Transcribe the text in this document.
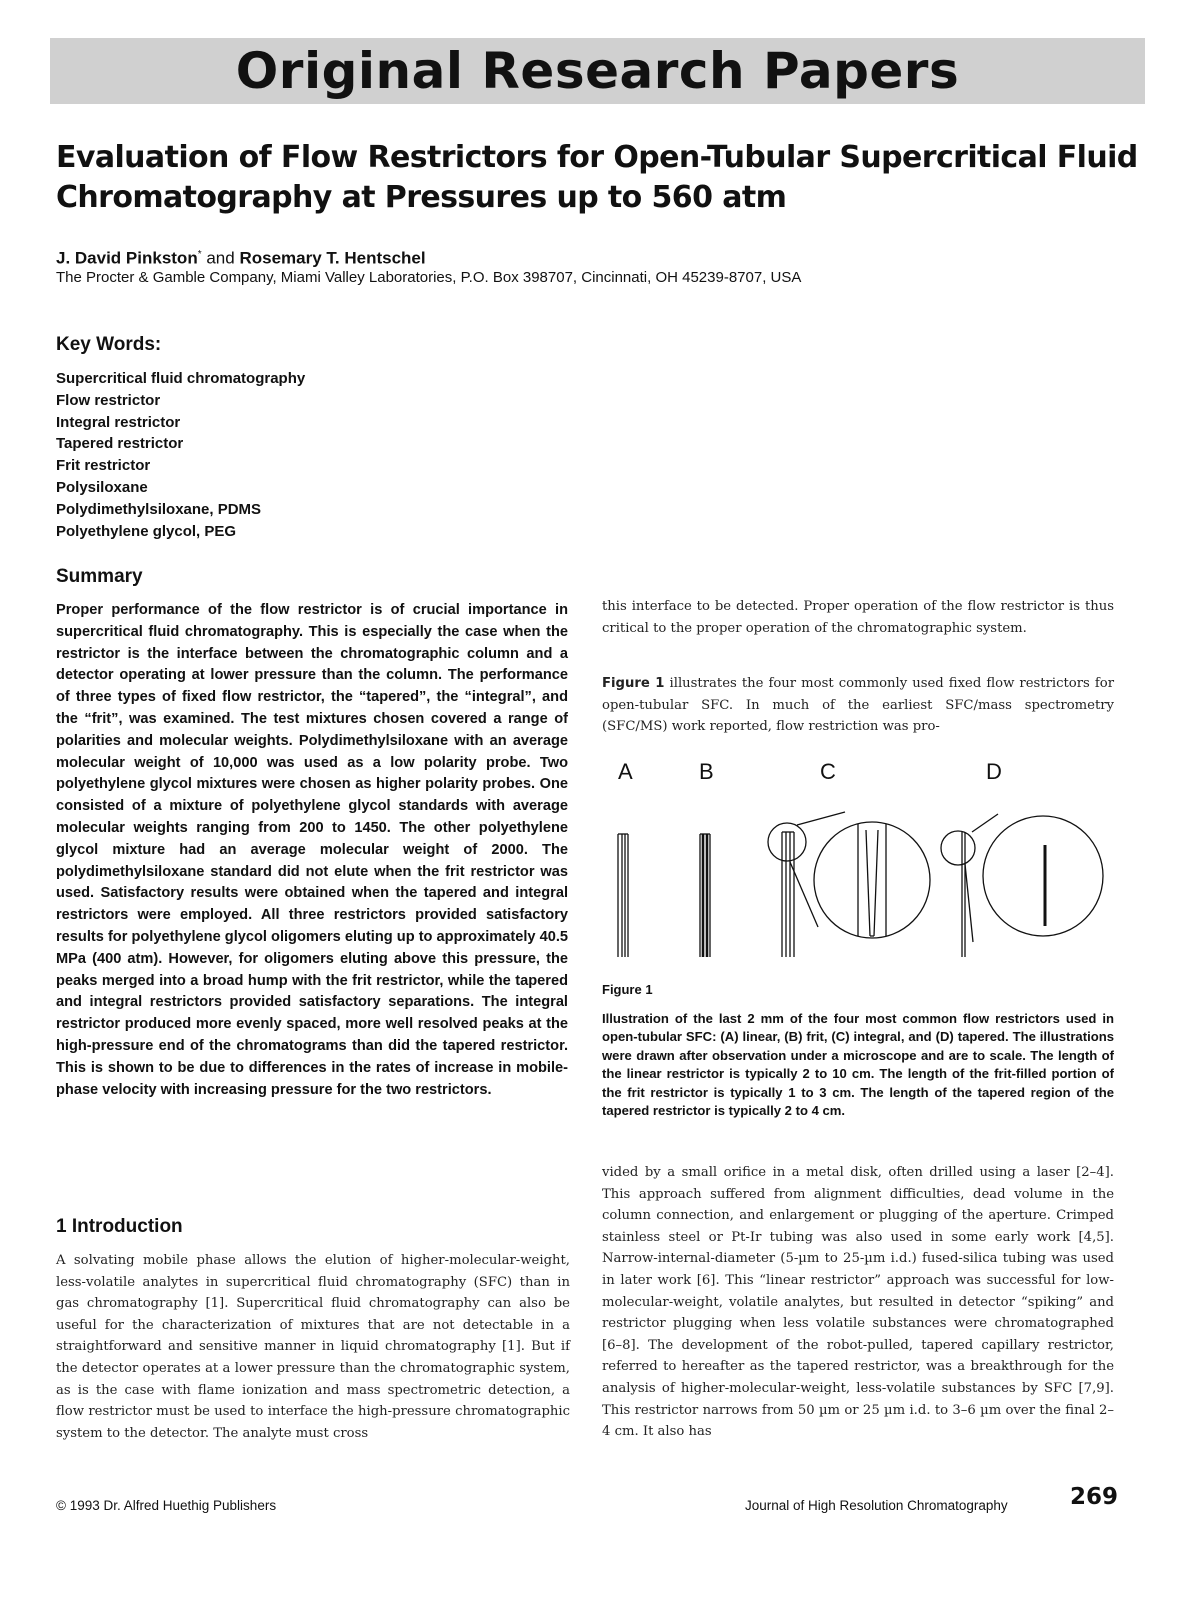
Original Research Papers
Evaluation of Flow Restrictors for Open-Tubular Supercritical Fluid Chromatography at Pressures up to 560 atm
J. David Pinkston* and Rosemary T. Hentschel
The Procter & Gamble Company, Miami Valley Laboratories, P.O. Box 398707, Cincinnati, OH 45239-8707, USA
Key Words:
Supercritical fluid chromatography
Flow restrictor
Integral restrictor
Tapered restrictor
Frit restrictor
Polysiloxane
Polydimethylsiloxane, PDMS
Polyethylene glycol, PEG
Summary

Proper performance of the flow restrictor is of crucial importance in supercritical fluid chromatography. This is especially the case when the restrictor is the interface between the chromatographic column and a detector operating at lower pressure than the column. The performance of three types of fixed flow restrictor, the “tapered”, the “integral”, and the “frit”, was examined. The test mixtures chosen covered a range of polarities and molecular weights. Polydimethylsiloxane with an average molecular weight of 10,000 was used as a low polarity probe. Two polyethylene glycol mixtures were chosen as higher polarity probes. One consisted of a mixture of polyethylene glycol standards with average molecular weights ranging from 200 to 1450. The other polyethylene glycol mixture had an average molecular weight of 2000. The polydimethylsiloxane standard did not elute when the frit restrictor was used. Satisfactory results were obtained when the tapered and integral restrictors were employed. All three restrictors provided satisfactory results for polyethylene glycol oligomers eluting up to approximately 40.5 MPa (400 atm). However, for oligomers eluting above this pressure, the peaks merged into a broad hump with the frit restrictor, while the tapered and integral restrictors provided satisfactory separations. The integral restrictor produced more evenly spaced, more well resolved peaks at the high-pressure end of the chromatograms than did the tapered restrictor. This is shown to be due to differences in the rates of increase in mobile-phase velocity with increasing pressure for the two restrictors.

1 Introduction

A solvating mobile phase allows the elution of higher-molecular-weight, less-volatile analytes in supercritical fluid chromatography (SFC) than in gas chromatography [1]. Supercritical fluid chromatography can also be useful for the characterization of mixtures that are not detectable in a straightforward and sensitive manner in liquid chromatography [1]. But if the detector operates at a lower pressure than the chromatographic system, as is the case with flame ionization and mass spectrometric detection, a flow restrictor must be used to interface the high-pressure chromatographic system to the detector. The analyte must cross

this interface to be detected. Proper operation of the flow restrictor is thus critical to the proper operation of the chromatographic system.

Figure 1 illustrates the four most commonly used fixed flow restrictors for open-tubular SFC. In much of the earliest SFC/mass spectrometry (SFC/MS) work reported, flow restriction was pro-

A	B	C	D
Figure 1

Illustration of the last 2 mm of the four most common flow restrictors used in open-tubular SFC: (A) linear, (B) frit, (C) integral, and (D) tapered. The illustrations were drawn after observation under a microscope and are to scale. The length of the linear restrictor is typically 2 to 10 cm. The length of the frit-filled portion of the frit restrictor is typically 1 to 3 cm. The length of the tapered region of the tapered restrictor is typically 2 to 4 cm.

vided by a small orifice in a metal disk, often drilled using a laser [2–4]. This approach suffered from alignment difficulties, dead volume in the column connection, and enlargement or plugging of the aperture. Crimped stainless steel or Pt-Ir tubing was also used in some early work [4,5]. Narrow-internal-diameter (5-µm to 25-µm i.d.) fused-silica tubing was used in later work [6]. This “linear restrictor” approach was successful for low-molecular-weight, volatile analytes, but resulted in detector “spiking” and restrictor plugging when less volatile substances were chromatographed [6–8]. The development of the robot-pulled, tapered capillary restrictor, referred to hereafter as the tapered restrictor, was a breakthrough for the analysis of higher-molecular-weight, less-volatile substances by SFC [7,9]. This restrictor narrows from 50 µm or 25 µm i.d. to 3–6 µm over the final 2–4 cm. It also has

© 1993 Dr. Alfred Huethig Publishers	Journal of High Resolution Chromatography	269
